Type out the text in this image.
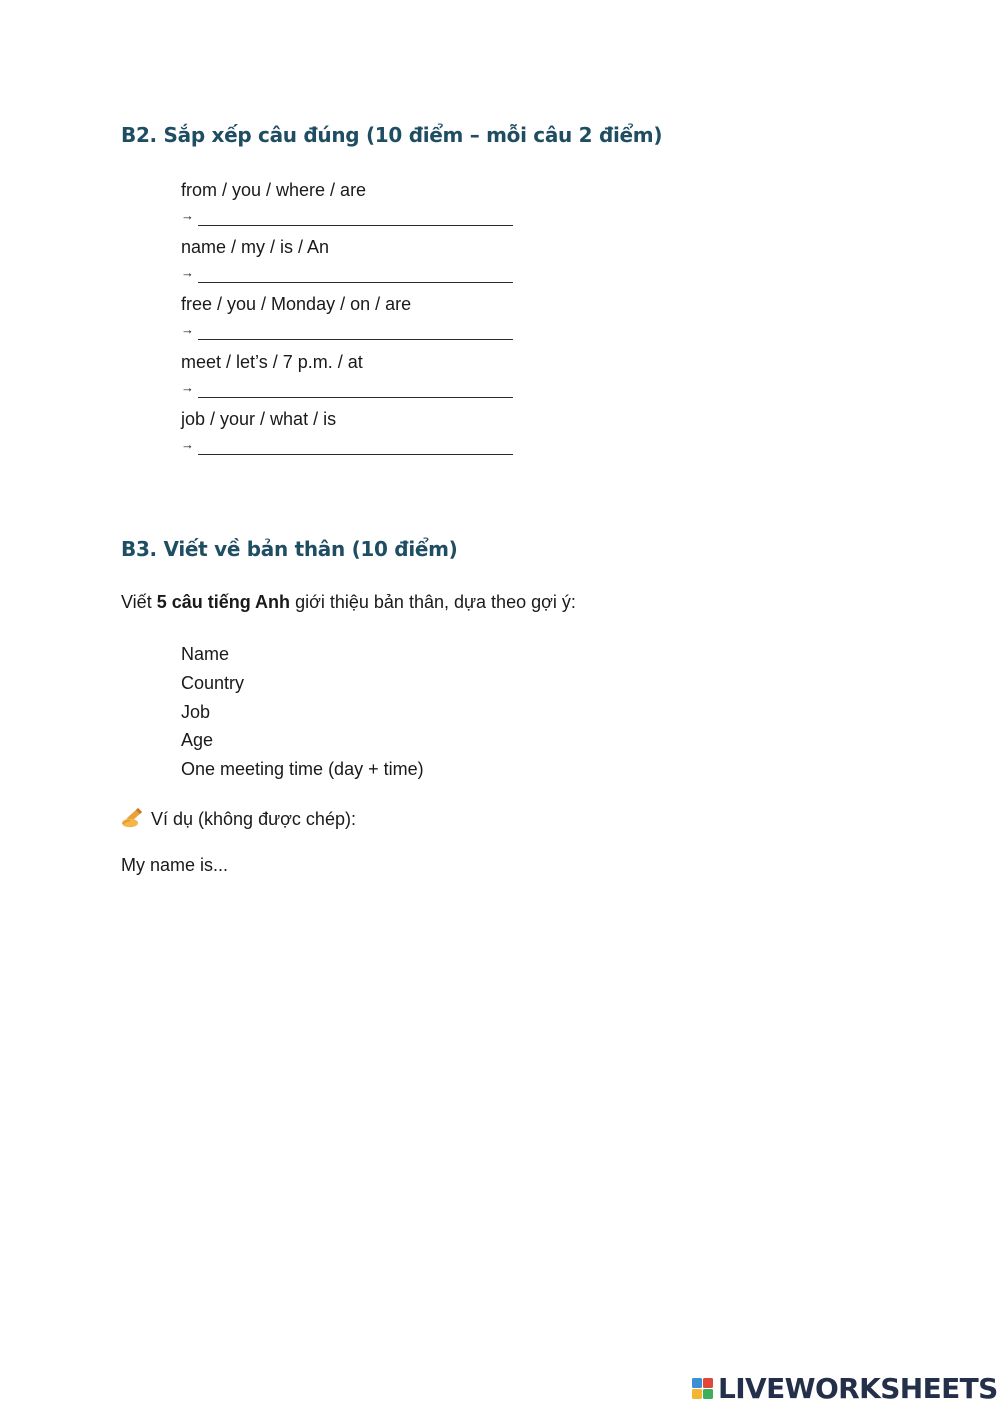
B2. Sắp xếp câu đúng (10 điểm – mỗi câu 2 điểm)
from / you / where / are
→
name / my / is / An
→
free / you / Monday / on / are
→
meet / let’s / 7 p.m. / at
→
job / your / what / is
→
B3. Viết về bản thân (10 điểm)

Viết 5 câu tiếng Anh giới thiệu bản thân, dựa theo gợi ý:

Name
Country
Job
Age
One meeting time (day + time)

Ví dụ (không được chép):

My name is...

LIVEWORKSHEETS
